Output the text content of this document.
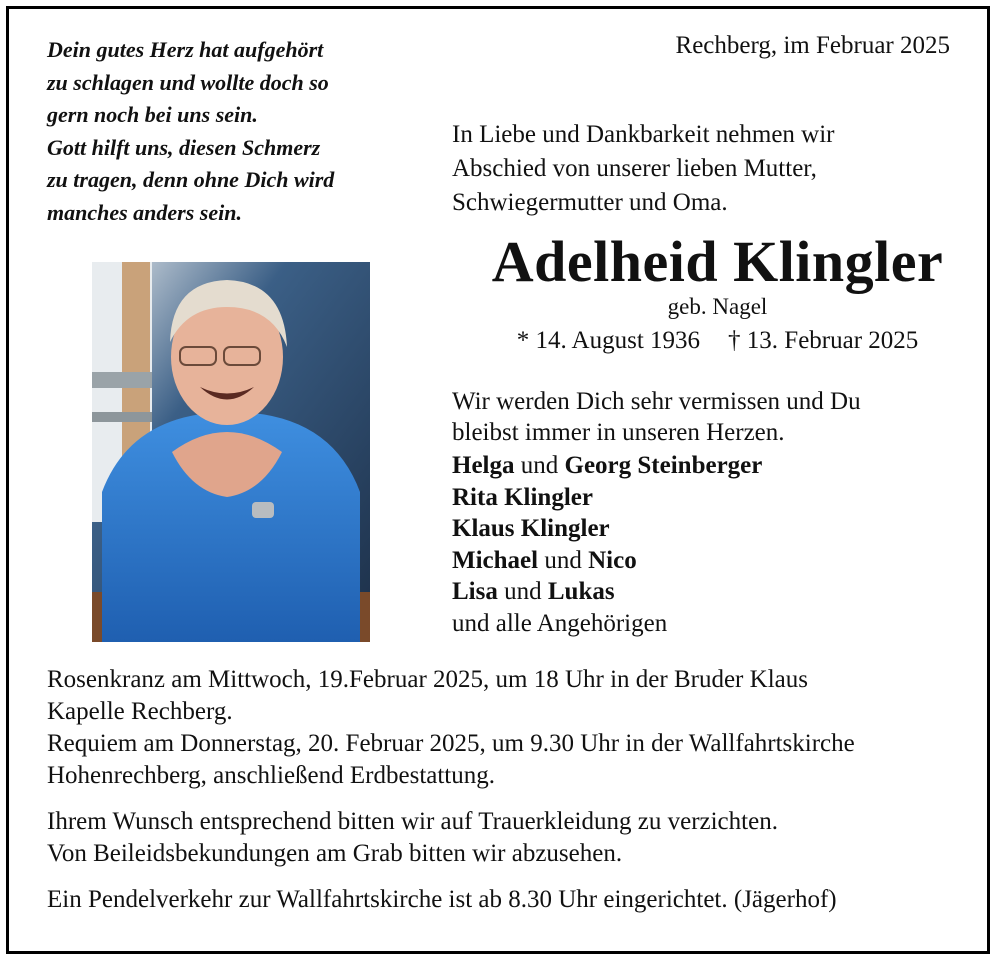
Dein gutes Herz hat aufgehört
zu schlagen und wollte doch so
gern noch bei uns sein.
Gott hilft uns, diesen Schmerz
zu tragen, denn ohne Dich wird
manches anders sein.
Rechberg, im Februar 2025
In Liebe und Dankbarkeit nehmen wir
Abschied von unserer lieben Mutter,
Schwiegermutter und Oma.
Adelheid Klingler
geb. Nagel
* 14. August 1936 † 13. Februar 2025
Wir werden Dich sehr vermissen und Du
bleibst immer in unseren Herzen.
Helga und Georg Steinberger
Rita Klingler
Klaus Klingler
Michael und Nico
Lisa und Lukas
und alle Angehörigen

Rosenkranz am Mittwoch, 19.Februar 2025, um 18 Uhr in der Bruder Klaus
Kapelle Rechberg.

Requiem am Donnerstag, 20. Februar 2025, um 9.30 Uhr in der Wallfahrtskirche
Hohenrechberg, anschließend Erdbestattung.

Ihrem Wunsch entsprechend bitten wir auf Trauerkleidung zu verzichten.
Von Beileidsbekundungen am Grab bitten wir abzusehen.

Ein Pendelverkehr zur Wallfahrtskirche ist ab 8.30 Uhr eingerichtet. (Jägerhof)
